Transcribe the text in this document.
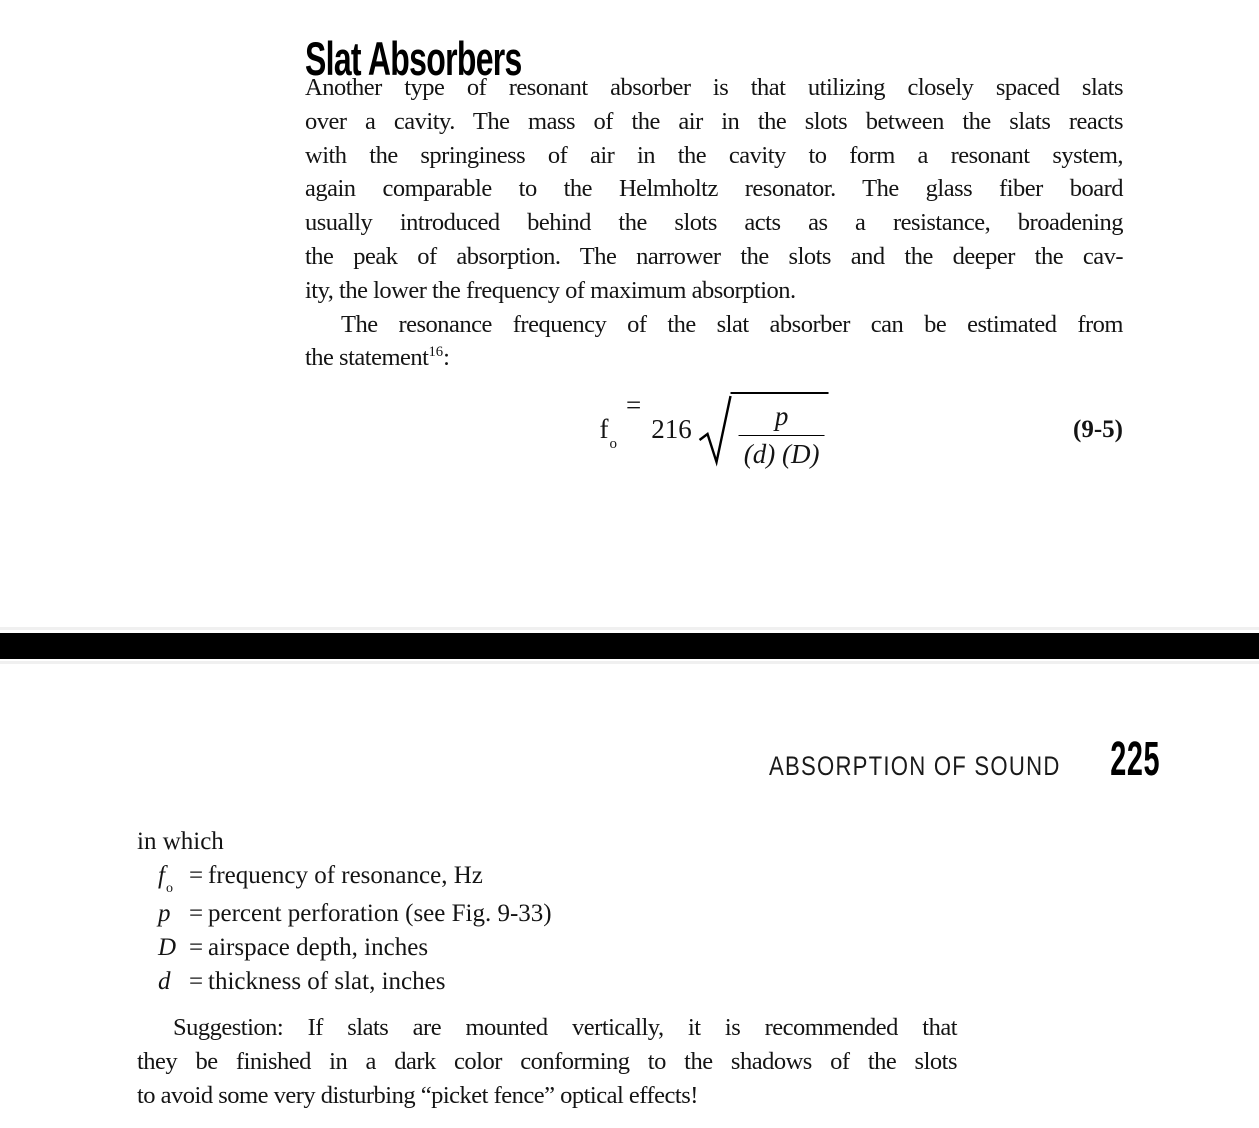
Slat Absorbers
Another type of resonant absorber is that utilizing closely spaced slats
over a cavity. The mass of the air in the slots between the slats reacts
with the springiness of air in the cavity to form a resonant system,
again comparable to the Helmholtz resonator. The glass fiber board
usually introduced behind the slots acts as a resistance, broadening
the peak of absorption. The narrower the slots and the deeper the cav-
ity, the lower the frequency of maximum absorption.
The resonance frequency of the slat absorber can be estimated from
the statement$^{16}$:
$f_o$
=
216	p
(d) (D)
(9-5)
ABSORPTION OF SOUND 225
in which
$f_o$ = frequency of resonance, Hz
p = percent perforation (see Fig. 9-33)
D = airspace depth, inches
d = thickness of slat, inches
Suggestion: If slats are mounted vertically, it is recommended that
they be finished in a dark color conforming to the shadows of the slots
to avoid some very disturbing “picket fence” optical effects!
